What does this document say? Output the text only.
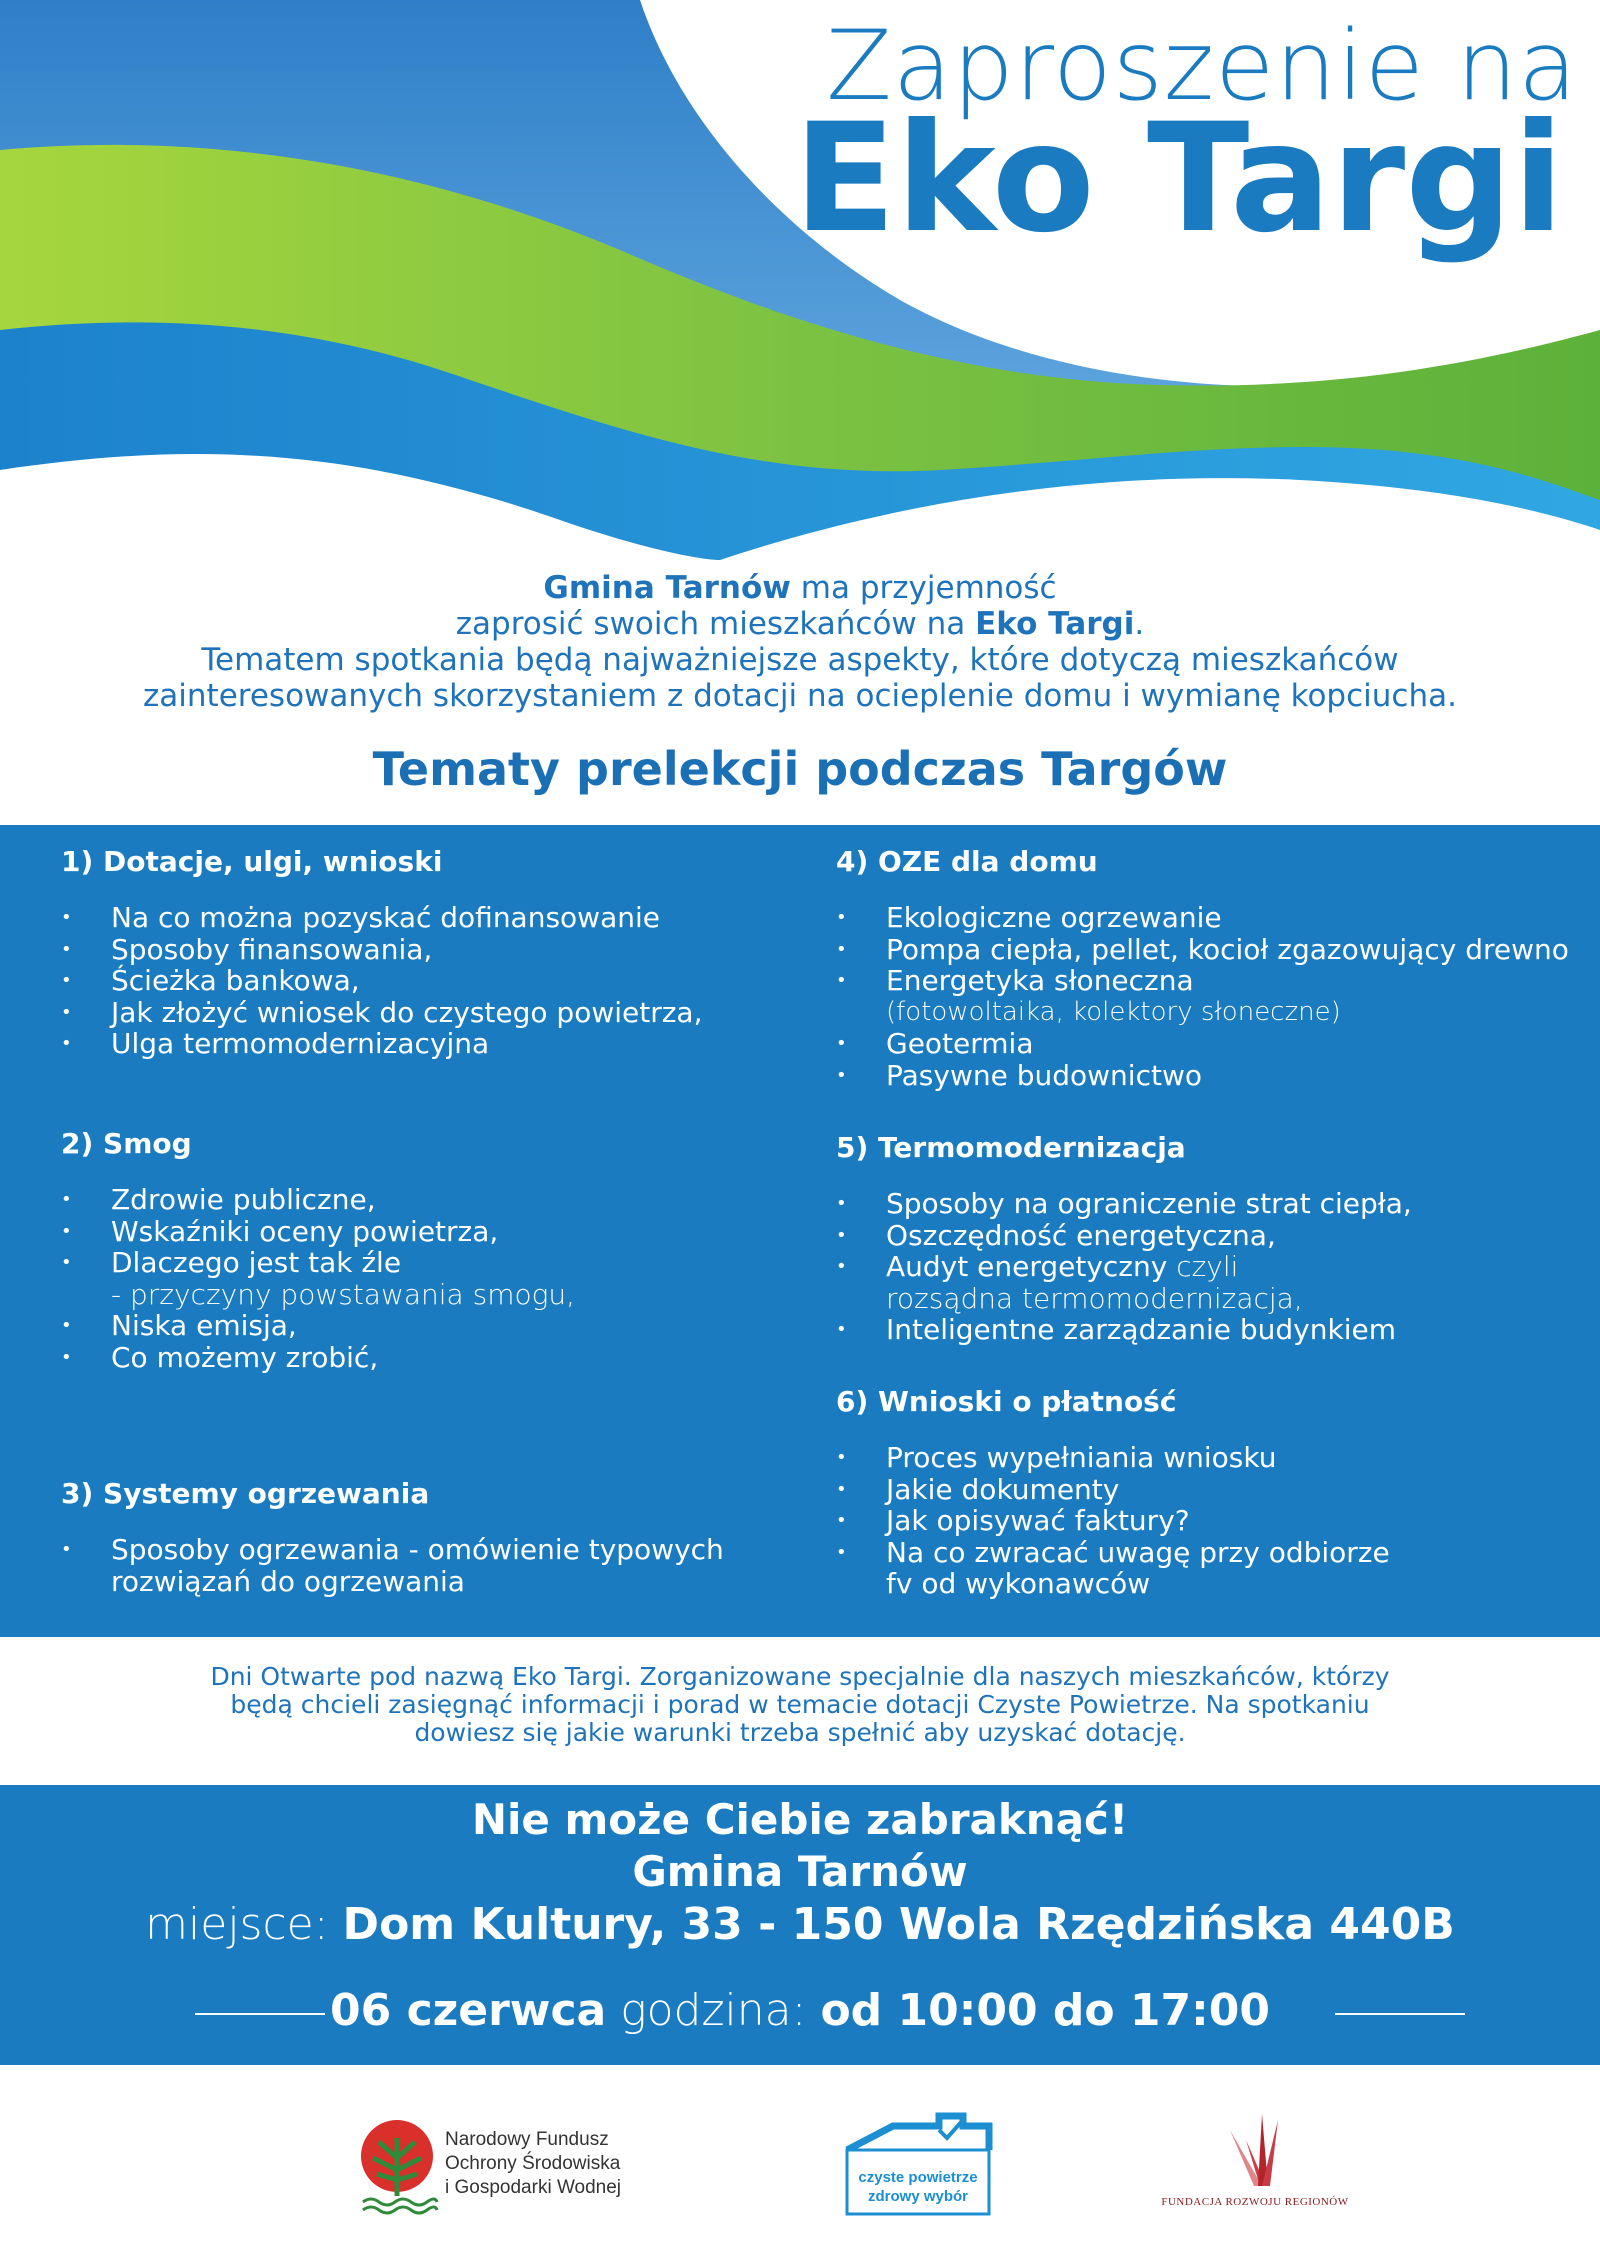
Zaproszenie na
Eko Targi
Gmina Tarnów ma przyjemność
zaprosić swoich mieszkańców na Eko Targi.
Tematem spotkania będą najważniejsze aspekty, które dotyczą mieszkańców
zainteresowanych skorzystaniem z dotacji na ocieplenie domu i wymianę kopciucha.
Tematy prelekcji podczas Targów
1) Dotacje, ulgi, wnioski
• Na co można pozyskać dofinansowanie
• Sposoby finansowania,
• Ścieżka bankowa,
• Jak złożyć wniosek do czystego powietrza,
• Ulga termomodernizacyjna
2) Smog
• Zdrowie publiczne,
• Wskaźniki oceny powietrza,
• Dlaczego jest tak źle
- przyczyny powstawania smogu,
• Niska emisja,
• Co możemy zrobić,
3) Systemy ogrzewania
• Sposoby ogrzewania - omówienie typowych
rozwiązań do ogrzewania
4) OZE dla domu
• Ekologiczne ogrzewanie
• Pompa ciepła, pellet, kocioł zgazowujący drewno
• Energetyka słoneczna
(fotowoltaika, kolektory słoneczne)
• Geotermia
• Pasywne budownictwo
5) Termomodernizacja
• Sposoby na ograniczenie strat ciepła,
• Oszczędność energetyczna,
• Audyt energetyczny czyli
rozsądna termomodernizacja,
• Inteligentne zarządzanie budynkiem
6) Wnioski o płatność
• Proces wypełniania wniosku
• Jakie dokumenty
• Jak opisywać faktury?
• Na co zwracać uwagę przy odbiorze
fv od wykonawców
Dni Otwarte pod nazwą Eko Targi. Zorganizowane specjalnie dla naszych mieszkańców, którzy
będą chcieli zasięgnąć informacji i porad w temacie dotacji Czyste Powietrze. Na spotkaniu
dowiesz się jakie warunki trzeba spełnić aby uzyskać dotację.
Nie może Ciebie zabraknąć!
Gmina Tarnów
miejsce: Dom Kultury, 33 - 150 Wola Rzędzińska 440B
06 czerwca godzina: od 10:00 do 17:00
Narodowy Fundusz
Ochrony Środowiska
i Gospodarki Wodnej	czyste powietrze
zdrowy wybór	FUNDACJA ROZWOJU REGIONÓW
